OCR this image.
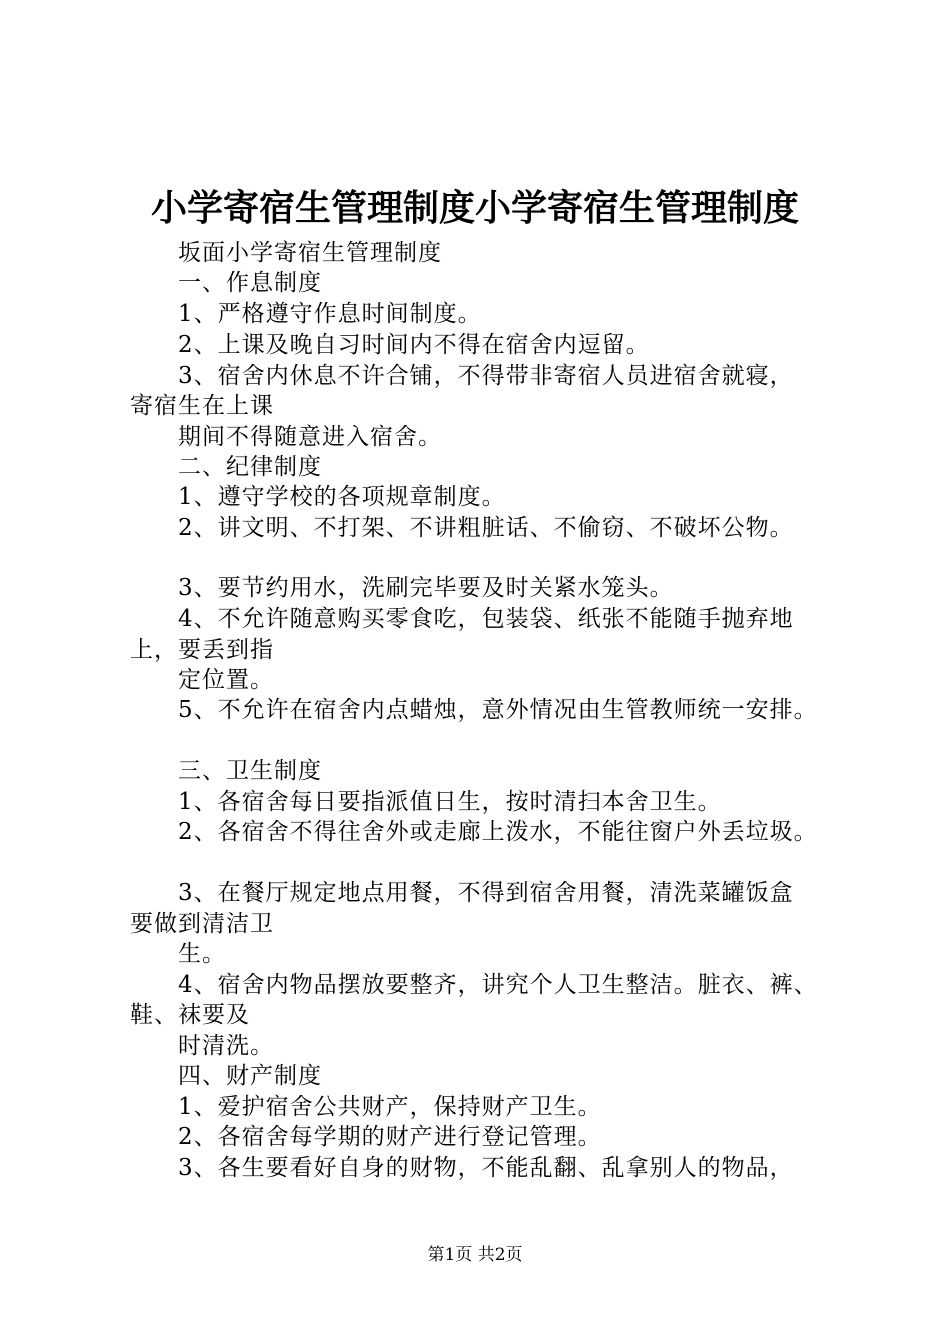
小学寄宿生管理制度小学寄宿生管理制度
坂面小学寄宿生管理制度
一、作息制度
1、严格遵守作息时间制度。
2、上课及晚自习时间内不得在宿舍内逗留。
3、宿舍内休息不许合铺，不得带非寄宿人员进宿舍就寝，
寄宿生在上课
期间不得随意进入宿舍。
二、纪律制度
1、遵守学校的各项规章制度。
2、讲文明、不打架、不讲粗脏话、不偷窃、不破坏公物。
3、要节约用水，洗刷完毕要及时关紧水笼头。
4、不允许随意购买零食吃，包装袋、纸张不能随手抛弃地
上，要丢到指
定位置。
5、不允许在宿舍内点蜡烛，意外情况由生管教师统一安排。
三、卫生制度
1、各宿舍每日要指派值日生，按时清扫本舍卫生。
2、各宿舍不得往舍外或走廊上泼水，不能往窗户外丢垃圾。
3、在餐厅规定地点用餐，不得到宿舍用餐，清洗菜罐饭盒
要做到清洁卫
生。
4、宿舍内物品摆放要整齐，讲究个人卫生整洁。脏衣、裤、
鞋、袜要及
时清洗。
四、财产制度
1、爱护宿舍公共财产，保持财产卫生。
2、各宿舍每学期的财产进行登记管理。
3、各生要看好自身的财物，不能乱翻、乱拿别人的物品，
第1页 共2页
